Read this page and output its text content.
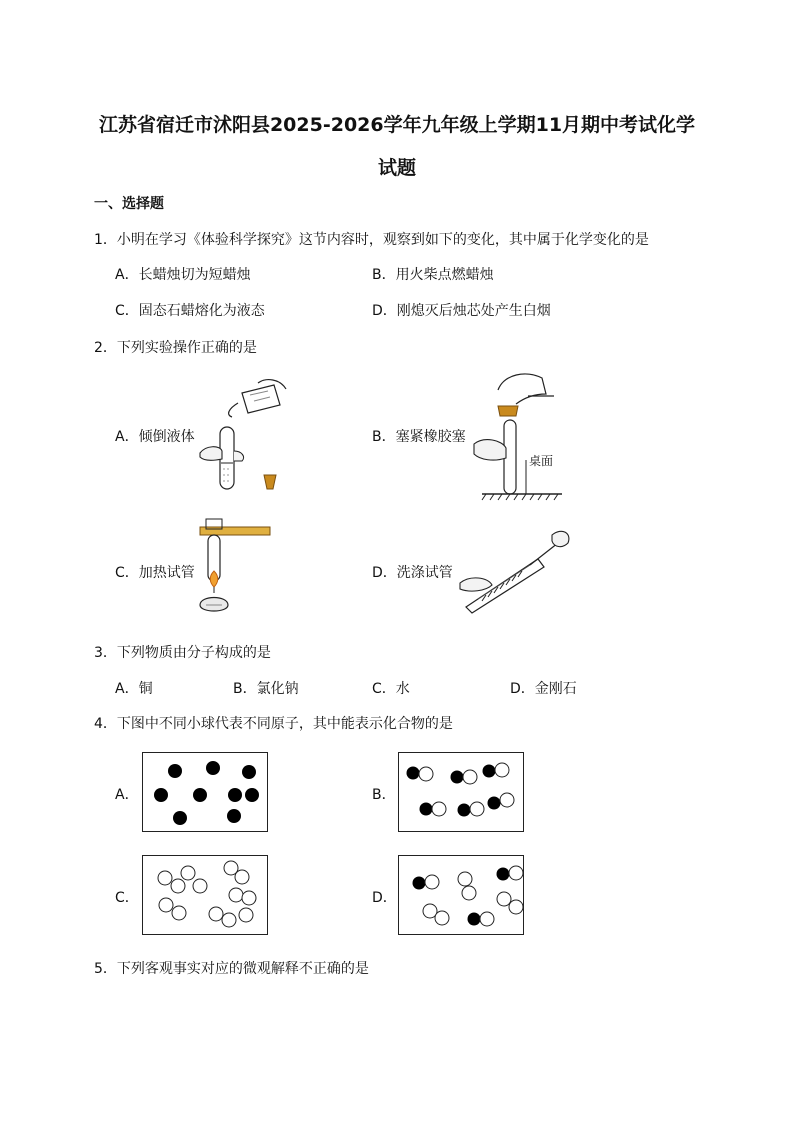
江苏省宿迁市沭阳县2025-2026学年九年级上学期11月期中考试化学
试题
一、选择题
1．小明在学习《体验科学探究》这节内容时，观察到如下的变化，其中属于化学变化的是
A．长蜡烛切为短蜡烛	B．用火柴点燃蜡烛
C．固态石蜡熔化为液态	D．刚熄灭后烛芯处产生白烟
2．下列实验操作正确的是
A．倾倒液体	B．塞紧橡胶塞
C．加热试管	D．洗涤试管
桌面
3．下列物质由分子构成的是
A．铜	B．氯化钠	C．水	D．金刚石
4．下图中不同小球代表不同原子，其中能表示化合物的是
A．	B．
C．	D．
5．下列客观事实对应的微观解释不正确的是
